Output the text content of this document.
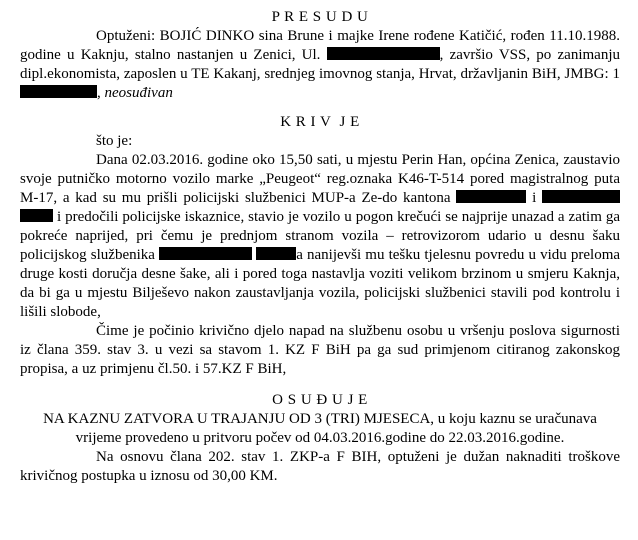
P R E S U D U

Optuženi: BOJIĆ DINKO sina Brune i majke Irene rođene Katičić, rođen 11.10.1988. godine u Kaknju, stalno nastanjen u Zenici, Ul.	, završio VSS, po zanimanju dipl.ekonomista, zaposlen u TE Kakanj, srednjeg imovnog stanja, Hrvat, državljanin BiH, JMBG: 1, neosuđivan

K R I V  J E

što je:

Dana 02.03.2016. godine oko 15,50 sati, u mjestu Perin Han, općina Zenica, zaustavio svoje putničko motorno vozilo marke „Peugeot“ reg.oznaka K46-T-514 pored magistralnog puta M-17, a kad su mu prišli policijski službenici MUP-a Ze-do kantona	i   i predočili policijske iskaznice, stavio je vozilo u pogon krečući se najprije unazad a zatim ga pokreće naprijed, pri čemu je prednjom stranom vozila – retrovizorom udario u desnu šaku policijskog službenika	a nanijevši mu tešku tjelesnu povredu u vidu preloma druge kosti doručja desne šake, ali i pored toga nastavlja voziti velikom brzinom u smjeru Kaknja, da bi ga u mjestu Bilješevo nakon zaustavljanja vozila, policijski službenici stavili pod kontrolu i lišili slobode,

Čime je počinio krivično djelo napad na službenu osobu u vršenju poslova sigurnosti iz člana 359. stav 3. u vezi sa stavom 1. KZ F BiH pa ga sud primjenom citiranog zakonskog propisa, a uz primjenu čl.50. i 57.KZ F BiH,

O S U Đ U J E

NA KAZNU ZATVORA U TRAJANJU OD 3 (TRI) MJESECA, u koju kaznu se uračunava vrijeme provedeno u pritvoru počev od 04.03.2016.godine do 22.03.2016.godine.

Na osnovu člana 202. stav 1. ZKP-a F BIH, optuženi je dužan naknaditi troškove krivičnog postupka u iznosu od 30,00 KM.
